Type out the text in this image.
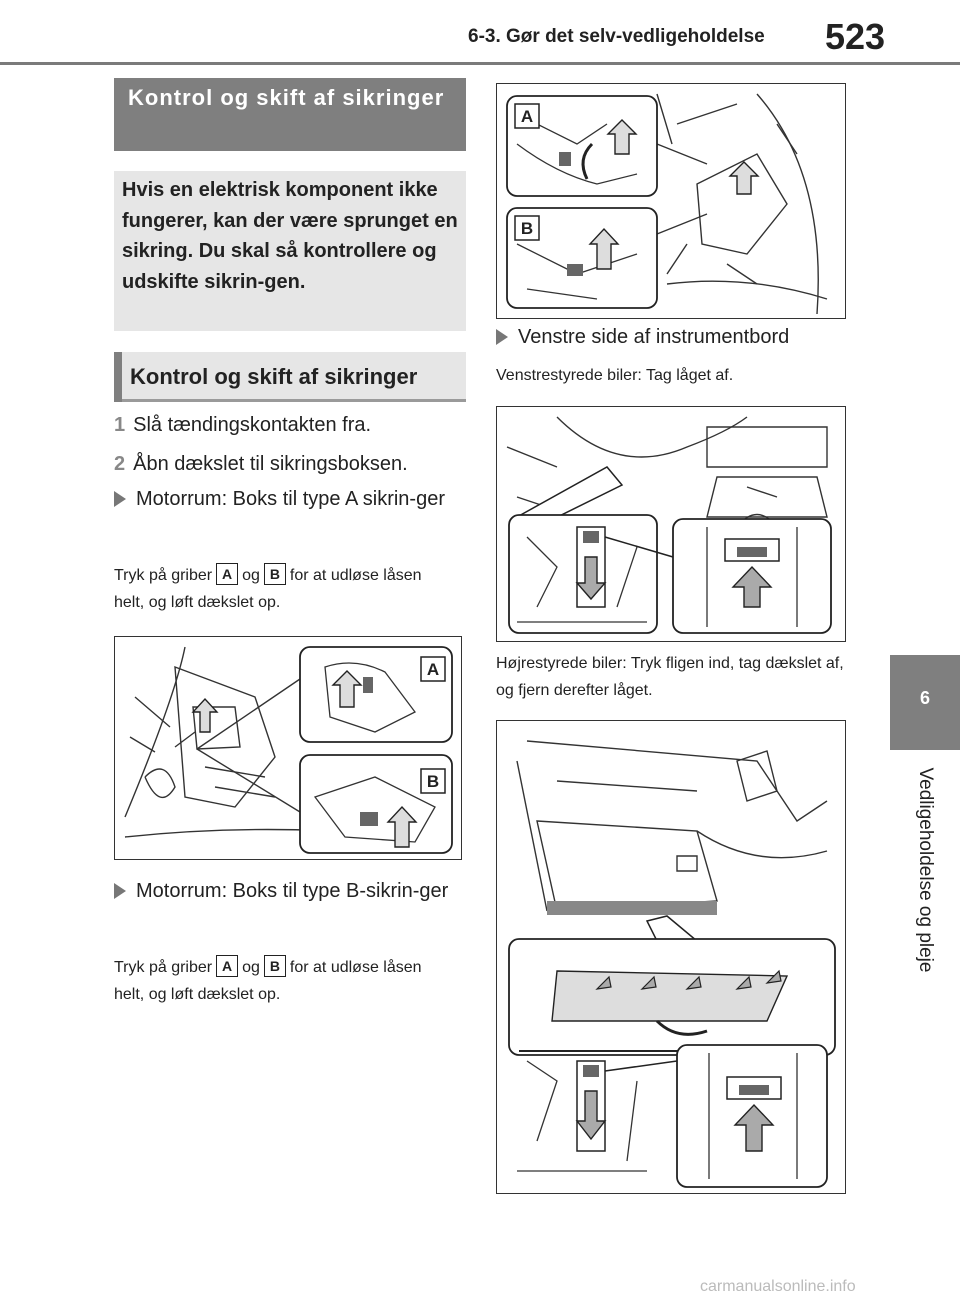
6-3. Gør det selv-vedligeholdelse 523
6
Vedligeholdelse og pleje
Kontrol og skift af sikringer
Hvis en elektrisk komponent ikke fungerer, kan der være sprunget en sikring. Du skal så kontrollere og udskifte sikrin-gen.
Kontrol og skift af sikringer
1 Slå tændingskontakten fra.
2 Åbn dækslet til sikringsboksen.
Motorrum: Boks til type A sikrin-ger
Tryk på griber A og B for at udløse låsen helt, og løft dækslet op.
A
B
Motorrum: Boks til type B-sikrin-ger
Tryk på griber A og B for at udløse låsen helt, og løft dækslet op.
A
B
Venstre side af instrumentbord
Venstrestyrede biler: Tag låget af.
Højrestyrede biler: Tryk fligen ind, tag dækslet af, og fjern derefter låget.
carmanualsonline.info
